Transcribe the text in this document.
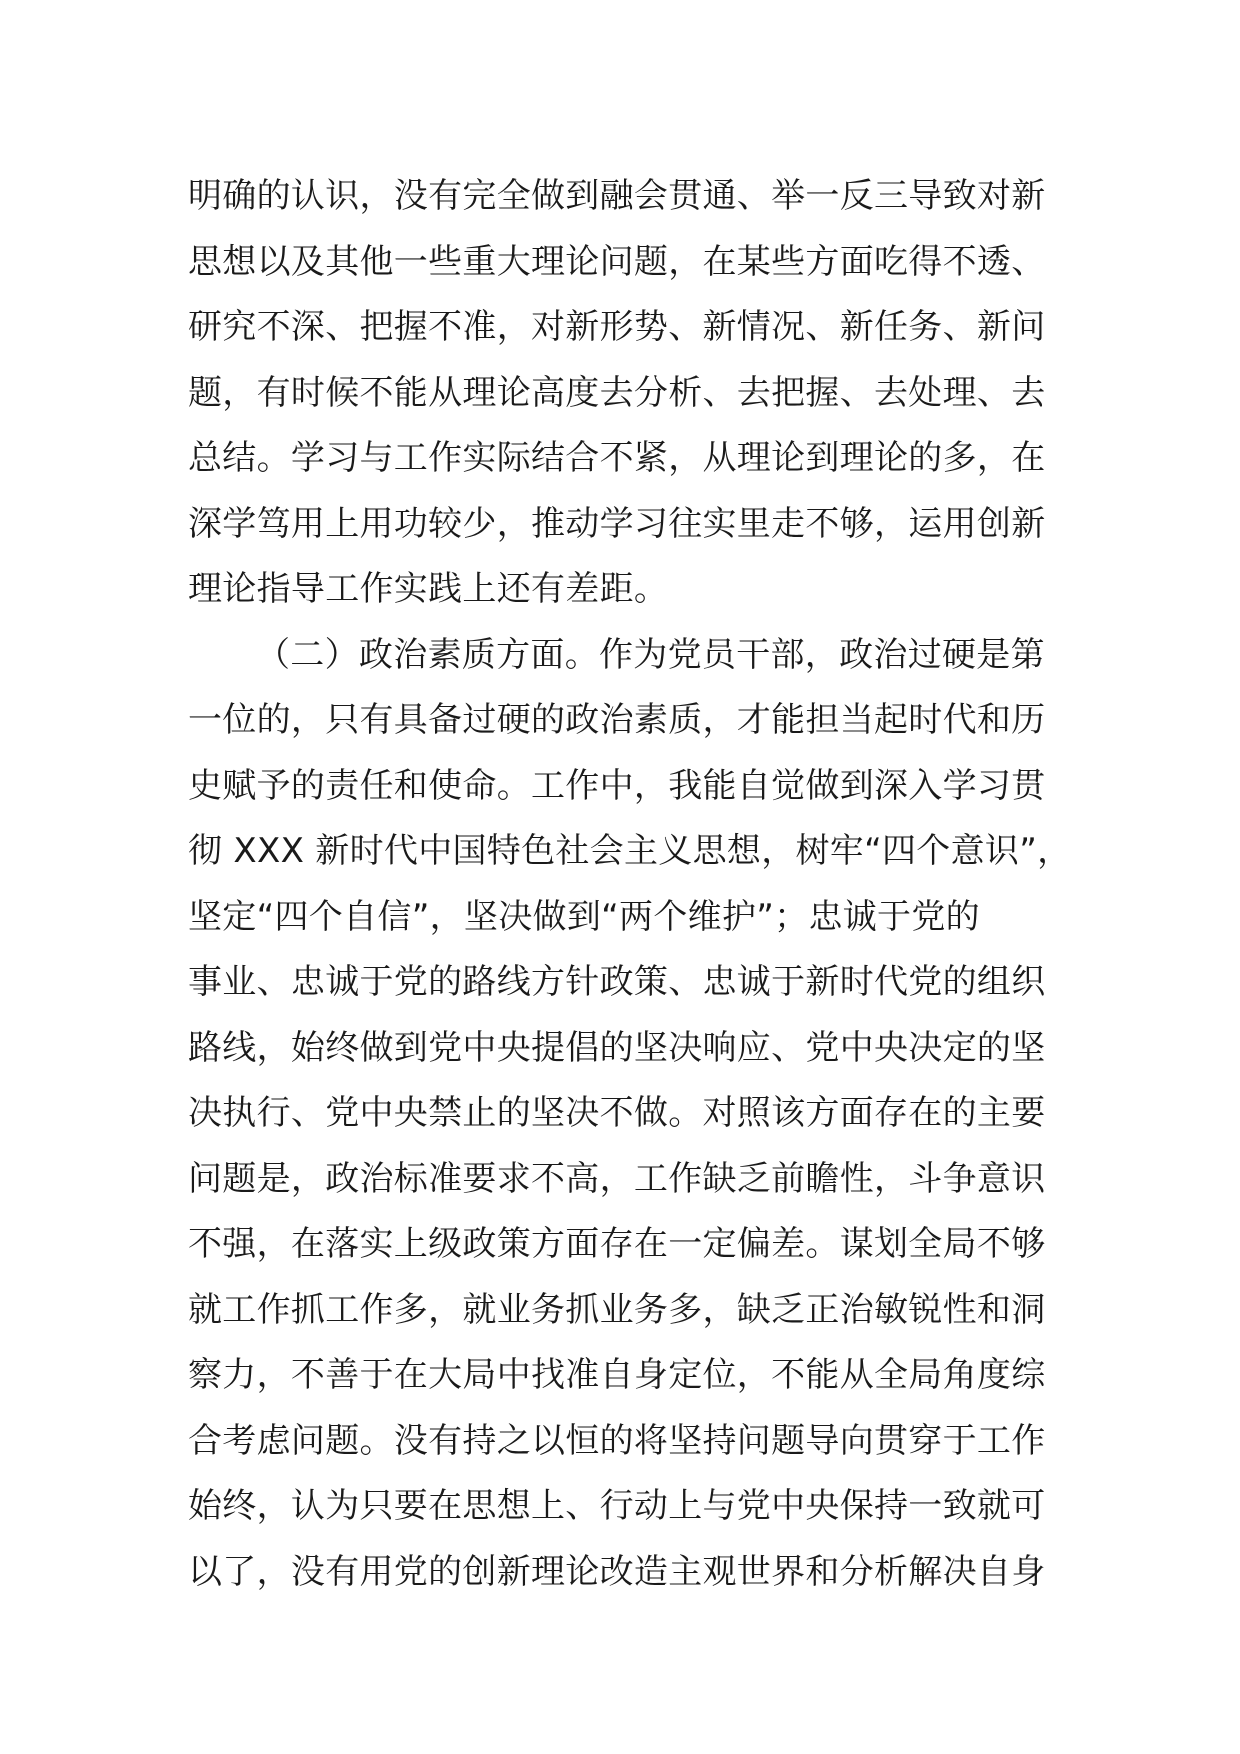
明确的认识，没有完全做到融会贯通、举一反三导致对新
思想以及其他一些重大理论问题，在某些方面吃得不透、
研究不深、把握不准，对新形势、新情况、新任务、新问
题，有时候不能从理论高度去分析、去把握、去处理、去
总结。学习与工作实际结合不紧，从理论到理论的多，在
深学笃用上用功较少，推动学习往实里走不够，运用创新
理论指导工作实践上还有差距。
（二）政治素质方面。作为党员干部，政治过硬是第
一位的，只有具备过硬的政治素质，才能担当起时代和历
史赋予的责任和使命。工作中，我能自觉做到深入学习贯
彻 XXX 新时代中国特色社会主义思想，树牢“四个意识”，
坚定“四个自信”，坚决做到“两个维护”；忠诚于党的
事业、忠诚于党的路线方针政策、忠诚于新时代党的组织
路线，始终做到党中央提倡的坚决响应、党中央决定的坚
决执行、党中央禁止的坚决不做。对照该方面存在的主要
问题是，政治标准要求不高，工作缺乏前瞻性，斗争意识
不强，在落实上级政策方面存在一定偏差。谋划全局不够
就工作抓工作多，就业务抓业务多，缺乏正治敏锐性和洞
察力，不善于在大局中找准自身定位，不能从全局角度综
合考虑问题。没有持之以恒的将坚持问题导向贯穿于工作
始终，认为只要在思想上、行动上与党中央保持一致就可
以了，没有用党的创新理论改造主观世界和分析解决自身
